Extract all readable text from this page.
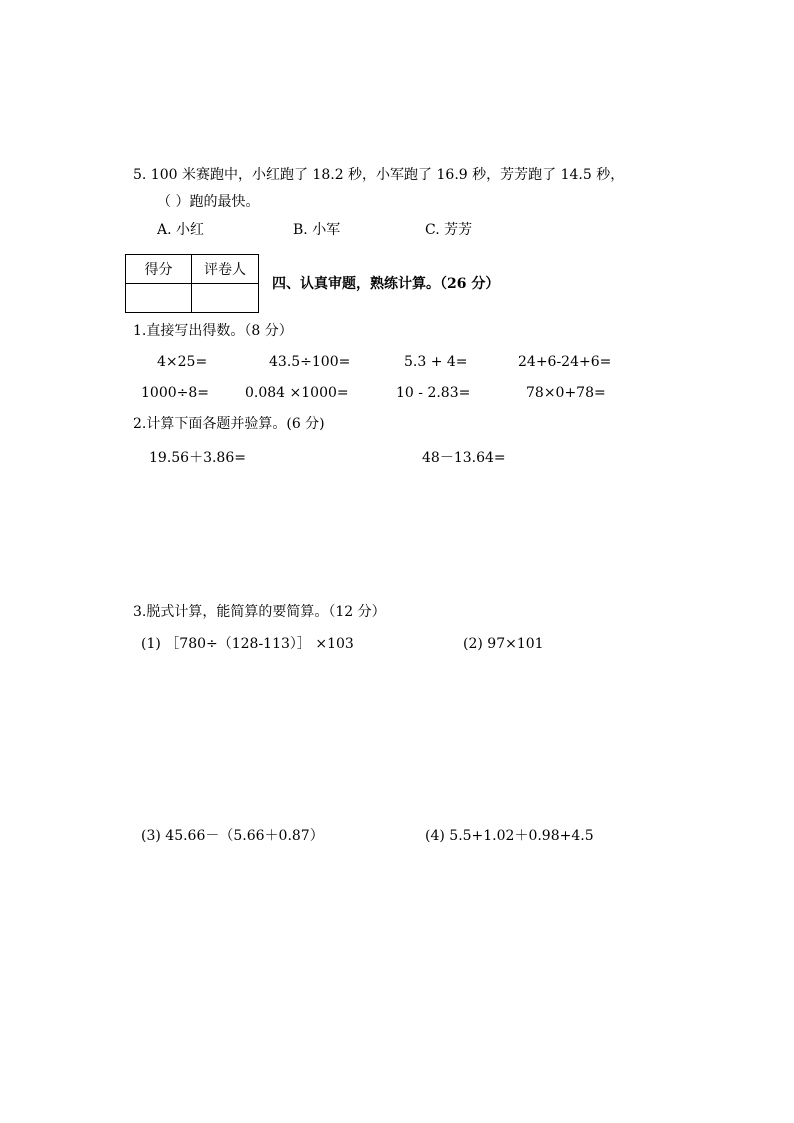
5. 100 米赛跑中，小红跑了 18.2 秒，小军跑了 16.9 秒，芳芳跑了 14.5 秒，
（ ）跑的最快。
A. 小红	B. 小军	C. 芳芳
得分	评卷人

四、认真审题，熟练计算。（26 分）
1.直接写出得数。（8 分）
4×25=	43.5÷100=	5.3 + 4=	24+6-24+6=
1000÷8=	0.084 ×1000=	10 - 2.83=	78×0+78=
2.计算下面各题并验算。(6 分)
19.56＋3.86=	48－13.64=
3.脱式计算，能简算的要简算。（12 分）
(1) ［780÷（128-113）］ ×103	(2) 97×101
(3) 45.66－（5.66＋0.87）	(4) 5.5+1.02＋0.98+4.5
